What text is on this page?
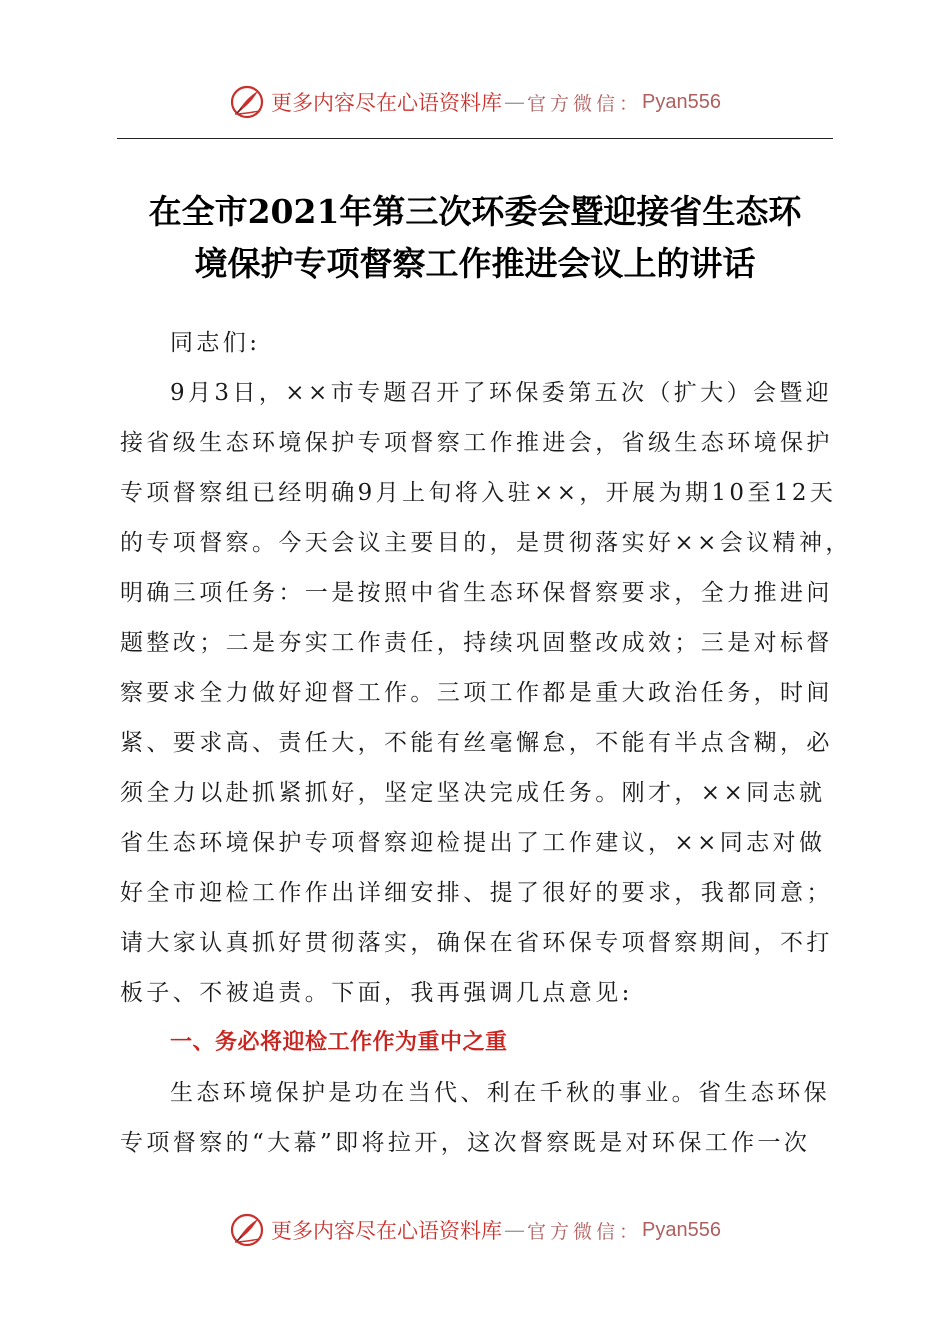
更多内容尽在心语资料库 — 官方微信： Pyan556
在全市2021年第三次环委会暨迎接省生态环
境保护专项督察工作推进会议上的讲话
同志们:
9月3日，××市专题召开了环保委第五次（扩大）会暨迎
接省级生态环境保护专项督察工作推进会，省级生态环境保护
专项督察组已经明确9月上旬将入驻××，开展为期10至12天
的专项督察。今天会议主要目的，是贯彻落实好××会议精神，
明确三项任务：一是按照中省生态环保督察要求，全力推进问
题整改；二是夯实工作责任，持续巩固整改成效；三是对标督
察要求全力做好迎督工作。三项工作都是重大政治任务，时间
紧、要求高、责任大，不能有丝毫懈怠，不能有半点含糊，必
须全力以赴抓紧抓好，坚定坚决完成任务。刚才，××同志就
省生态环境保护专项督察迎检提出了工作建议，××同志对做
好全市迎检工作作出详细安排、提了很好的要求，我都同意；
请大家认真抓好贯彻落实，确保在省环保专项督察期间，不打
板子、不被追责。下面，我再强调几点意见:
一、务必将迎检工作作为重中之重
生态环境保护是功在当代、利在千秋的事业。省生态环保
专项督察的“大幕”即将拉开，这次督察既是对环保工作一次
更多内容尽在心语资料库 — 官方微信： Pyan556
